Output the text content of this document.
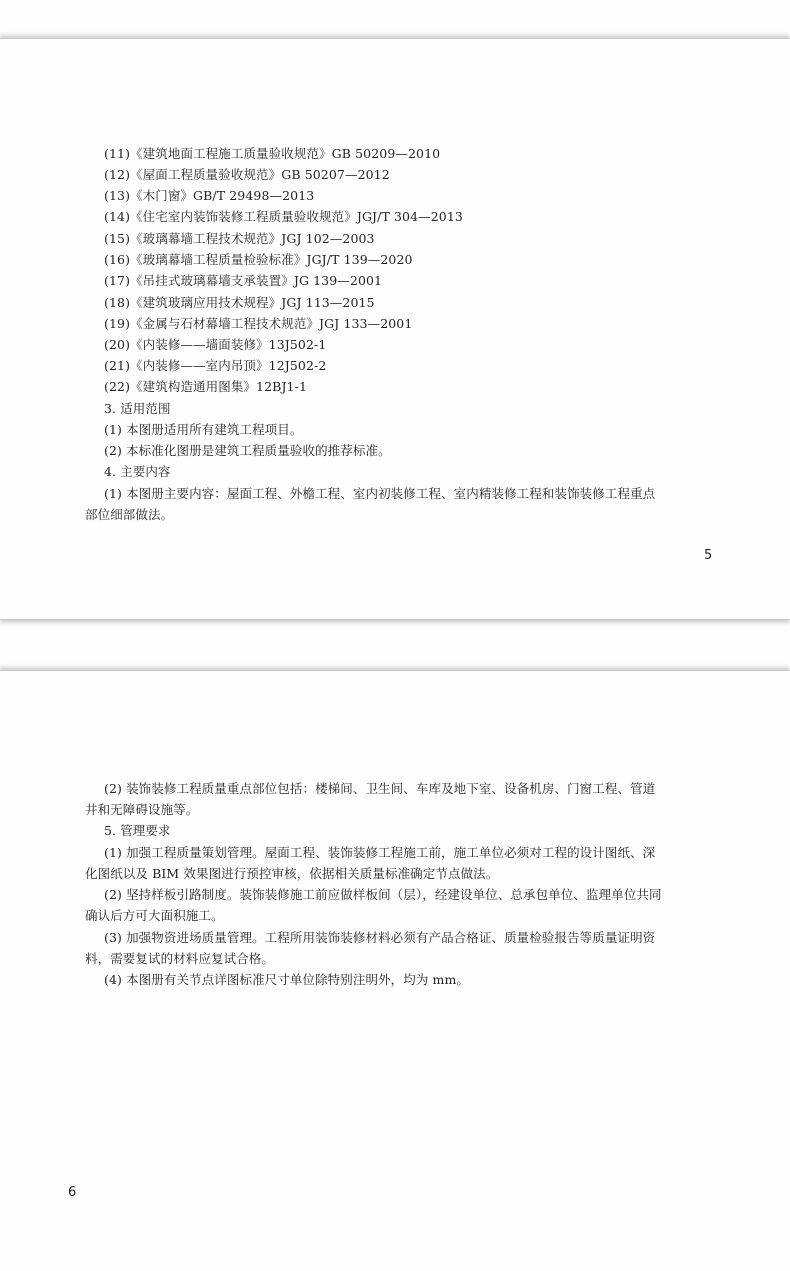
(11)《建筑地面工程施工质量验收规范》GB 50209—2010
(12)《屋面工程质量验收规范》GB 50207—2012
(13)《木门窗》GB/T 29498—2013
(14)《住宅室内装饰装修工程质量验收规范》JGJ/T 304—2013
(15)《玻璃幕墙工程技术规范》JGJ 102—2003
(16)《玻璃幕墙工程质量检验标准》JGJ/T 139—2020
(17)《吊挂式玻璃幕墙支承装置》JG 139—2001
(18)《建筑玻璃应用技术规程》JGJ 113—2015
(19)《金属与石材幕墙工程技术规范》JGJ 133—2001
(20)《内装修——墙面装修》13J502-1
(21)《内装修——室内吊顶》12J502-2
(22)《建筑构造通用图集》12BJ1-1
3. 适用范围
(1) 本图册适用所有建筑工程项目。
(2) 本标准化图册是建筑工程质量验收的推荐标准。
4. 主要内容
(1) 本图册主要内容：屋面工程、外檐工程、室内初装修工程、室内精装修工程和装饰装修工程重点
部位细部做法。
5
(2) 装饰装修工程质量重点部位包括：楼梯间、卫生间、车库及地下室、设备机房、门窗工程、管道
井和无障碍设施等。
5. 管理要求
(1) 加强工程质量策划管理。屋面工程、装饰装修工程施工前，施工单位必须对工程的设计图纸、深
化图纸以及 BIM 效果图进行预控审核，依据相关质量标准确定节点做法。
(2) 坚持样板引路制度。装饰装修施工前应做样板间（层），经建设单位、总承包单位、监理单位共同
确认后方可大面积施工。
(3) 加强物资进场质量管理。工程所用装饰装修材料必须有产品合格证、质量检验报告等质量证明资
料，需要复试的材料应复试合格。
(4) 本图册有关节点详图标准尺寸单位除特别注明外，均为 mm。
6
